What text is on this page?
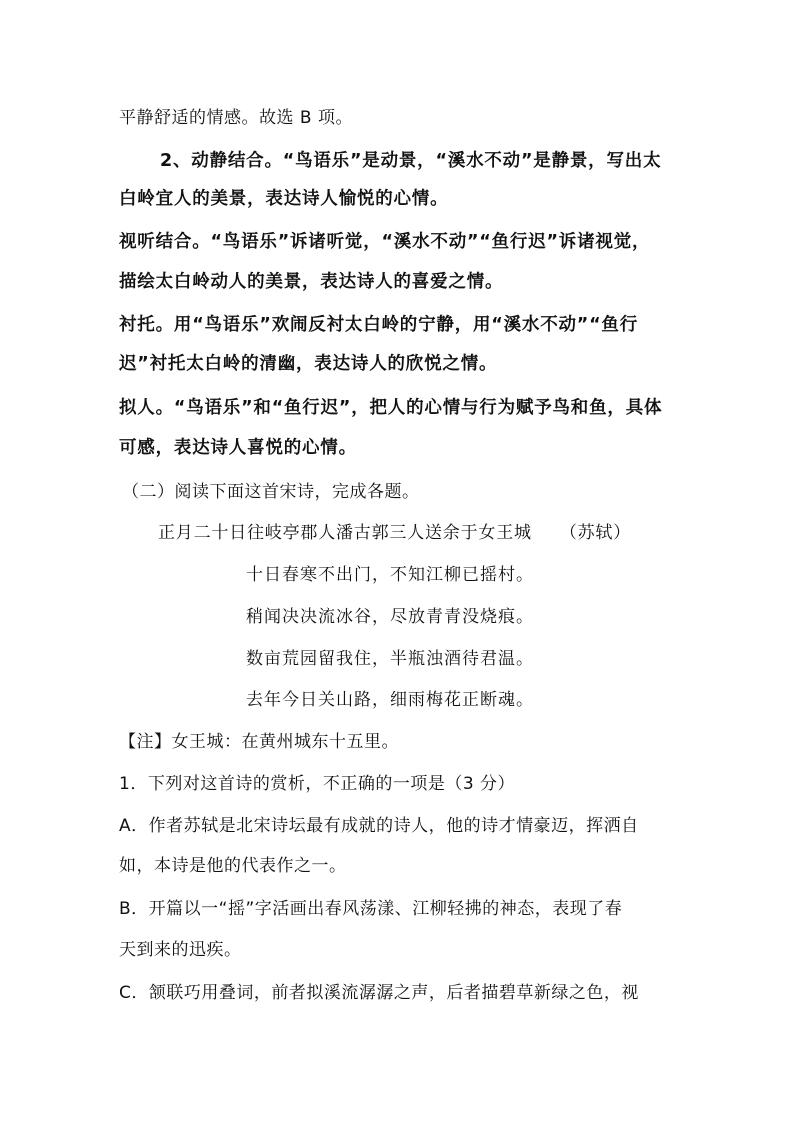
平静舒适的情感。故选 B 项。
2、动静结合。“鸟语乐”是动景，“溪水不动”是静景，写出太
白岭宜人的美景，表达诗人愉悦的心情。
视听结合。“鸟语乐”诉诸听觉，“溪水不动”“鱼行迟”诉诸视觉，
描绘太白岭动人的美景，表达诗人的喜爱之情。
衬托。用“鸟语乐”欢闹反衬太白岭的宁静，用“溪水不动”“鱼行
迟”衬托太白岭的清幽，表达诗人的欣悦之情。
拟人。“鸟语乐”和“鱼行迟”，把人的心情与行为赋予鸟和鱼，具体
可感，表达诗人喜悦的心情。
（二）阅读下面这首宋诗，完成各题。
正月二十日往岐亭郡人潘古郭三人送余于女王城 （苏轼）
十日春寒不出门，不知江柳已摇村。
稍闻决决流冰谷，尽放青青没烧痕。
数亩荒园留我住，半瓶浊酒待君温。
去年今日关山路，细雨梅花正断魂。
【注】女王城：在黄州城东十五里。
1．下列对这首诗的赏析，不正确的一项是（3 分）
A．作者苏轼是北宋诗坛最有成就的诗人，他的诗才情豪迈，挥洒自
如，本诗是他的代表作之一。
B．开篇以一“摇”字活画出春风荡漾、江柳轻拂的神态，表现了春
天到来的迅疾。
C．颔联巧用叠词，前者拟溪流潺潺之声，后者描碧草新绿之色，视
